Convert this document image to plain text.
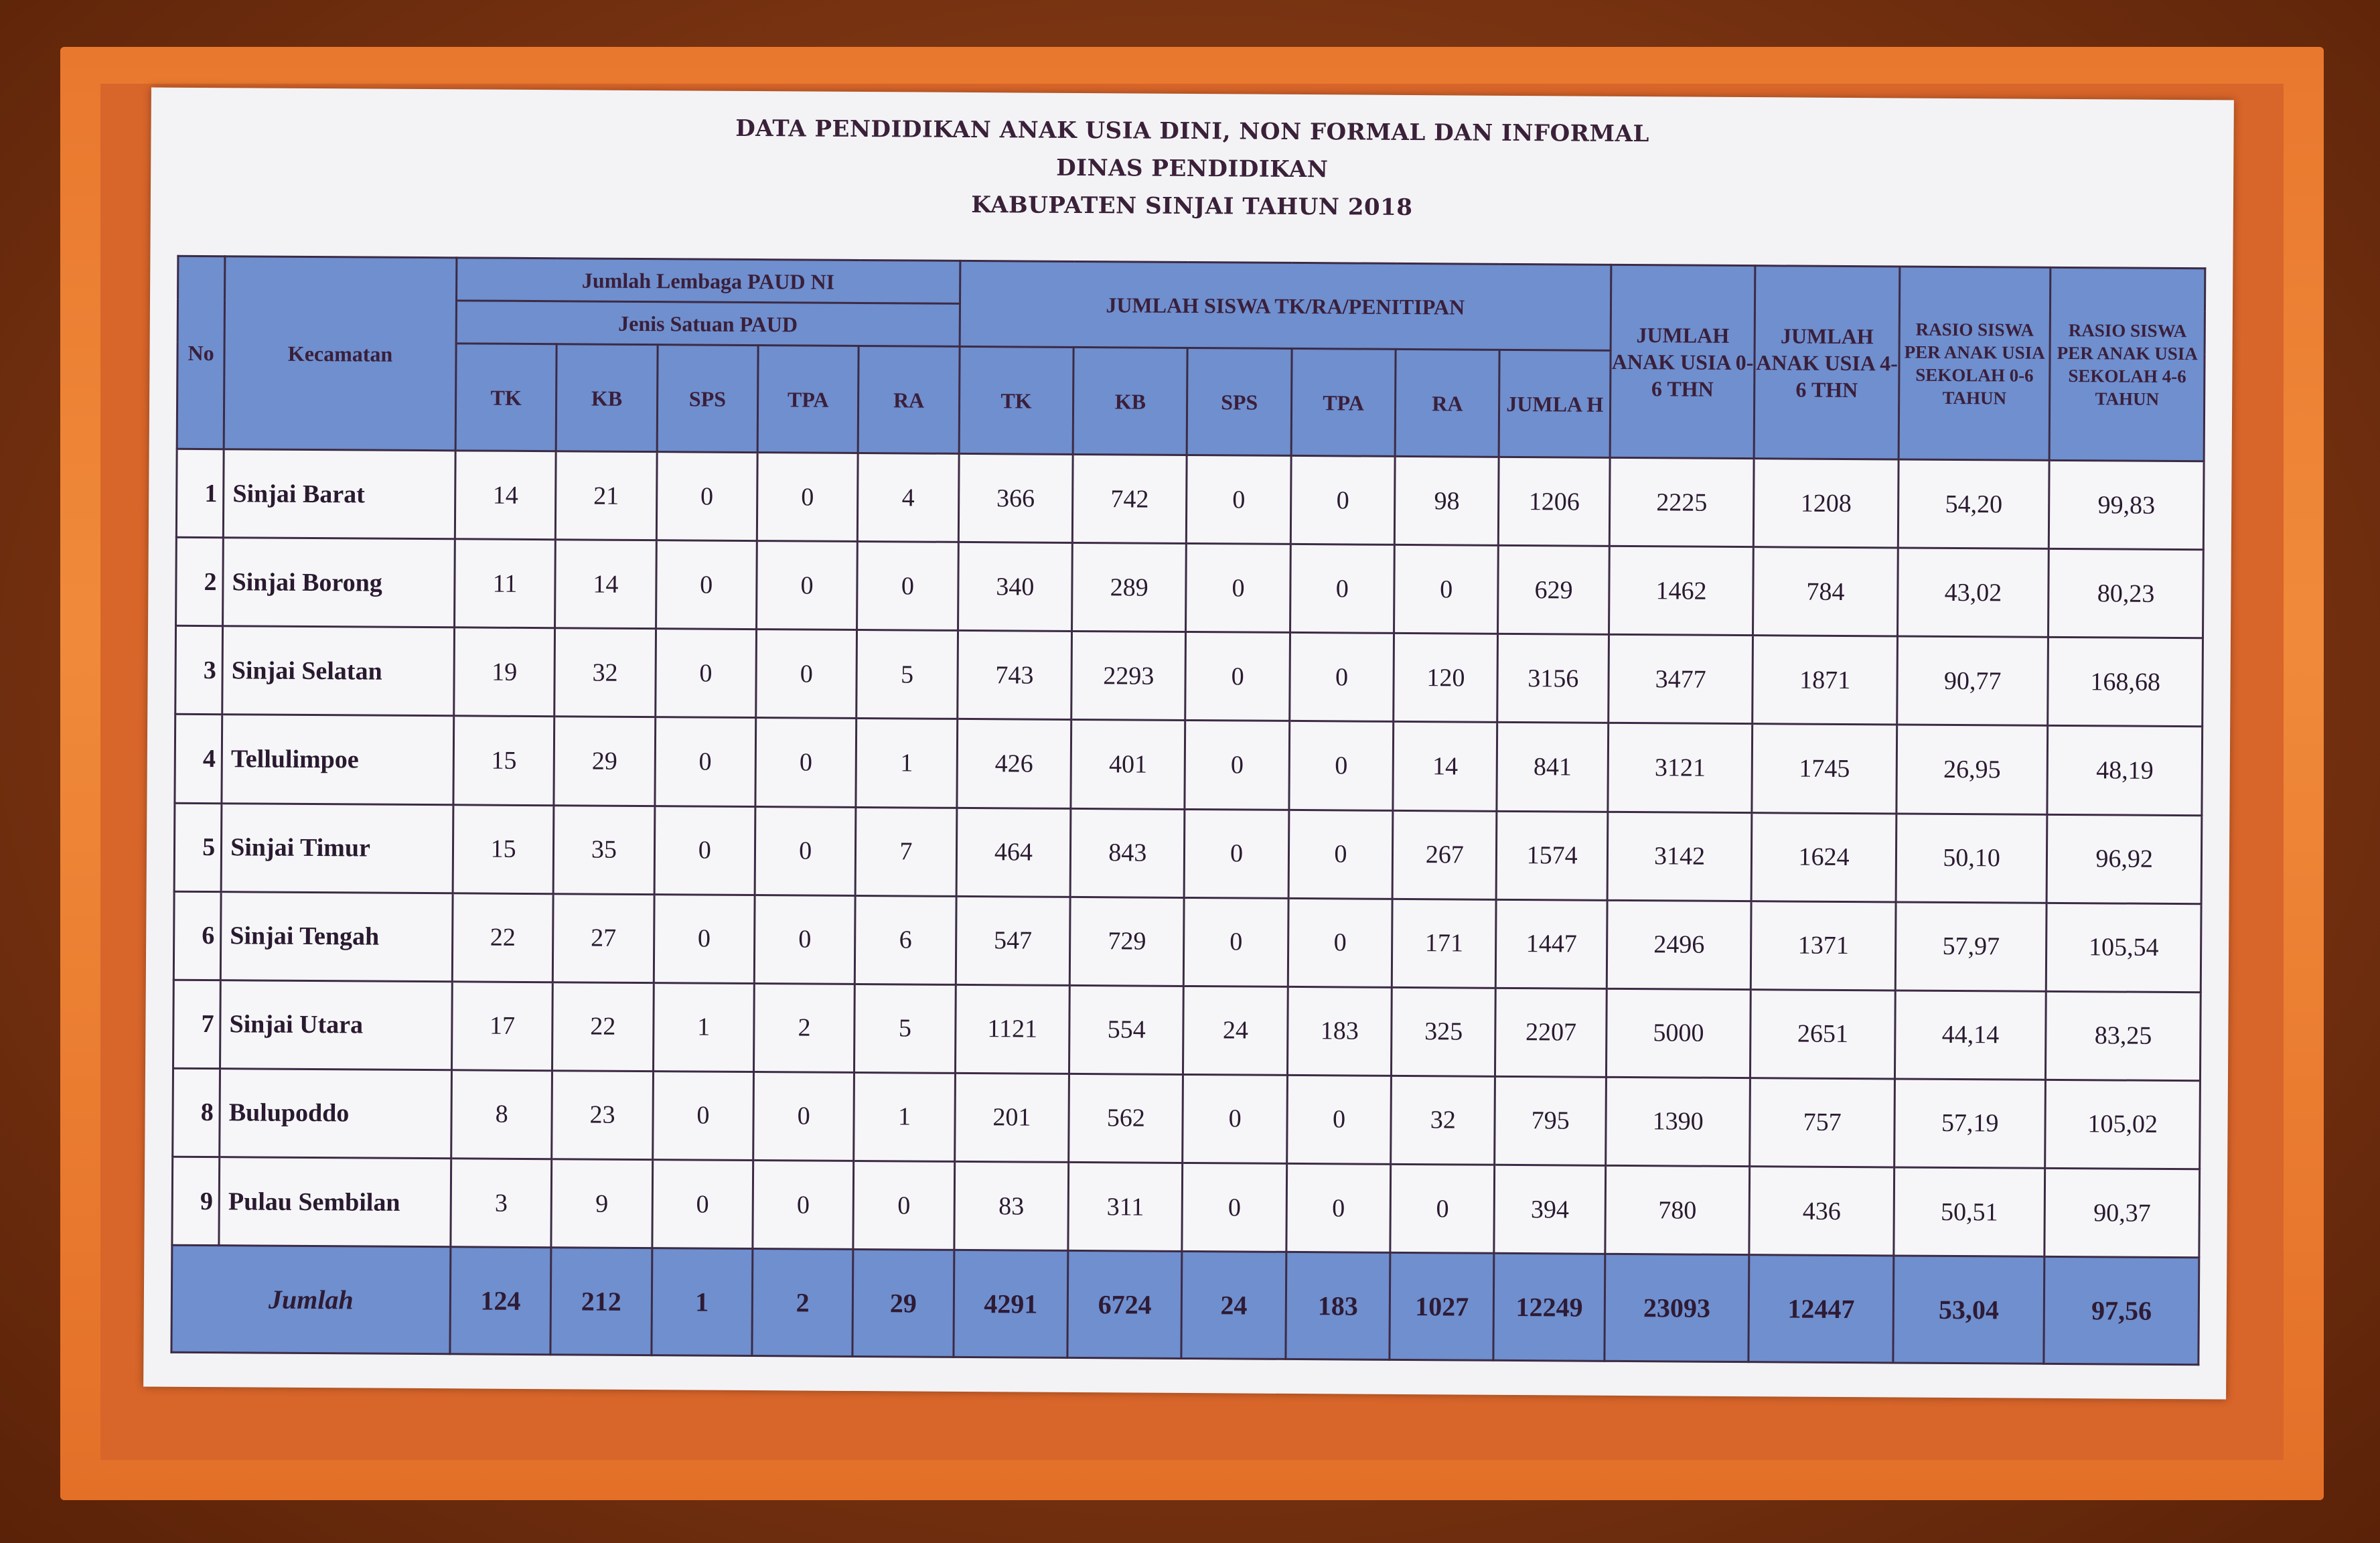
DATA PENDIDIKAN ANAK USIA DINI, NON FORMAL DAN INFORMAL
DINAS PENDIDIKAN
KABUPATEN SINJAI TAHUN 2018
No	Kecamatan	Jumlah Lembaga PAUD NI					JUMLAH SISWA TK/RA/PENITIPAN						JUMLAH ANAK USIA 0-6 THN	JUMLAH ANAK USIA 4-6 THN	RASIO SISWA PER ANAK USIA SEKOLAH 0-6 TAHUN	RASIO SISWA PER ANAK USIA SEKOLAH 4-6 TAHUN
		Jenis Satuan PAUD														
		TK	KB	SPS	TPA	RA	TK	KB	SPS	TPA	RA	JUMLA H				
1	Sinjai Barat	14	21	0	0	4	366	742	0	0	98	1206	2225	1208	54,20	99,83
2	Sinjai Borong	11	14	0	0	0	340	289	0	0	0	629	1462	784	43,02	80,23
3	Sinjai Selatan	19	32	0	0	5	743	2293	0	0	120	3156	3477	1871	90,77	168,68
4	Tellulimpoe	15	29	0	0	1	426	401	0	0	14	841	3121	1745	26,95	48,19
5	Sinjai Timur	15	35	0	0	7	464	843	0	0	267	1574	3142	1624	50,10	96,92
6	Sinjai Tengah	22	27	0	0	6	547	729	0	0	171	1447	2496	1371	57,97	105,54
7	Sinjai Utara	17	22	1	2	5	1121	554	24	183	325	2207	5000	2651	44,14	83,25
8	Bulupoddo	8	23	0	0	1	201	562	0	0	32	795	1390	757	57,19	105,02
9	Pulau Sembilan	3	9	0	0	0	83	311	0	0	0	394	780	436	50,51	90,37
Jumlah		124	212	1	2	29	4291	6724	24	183	1027	12249	23093	12447	53,04	97,56
